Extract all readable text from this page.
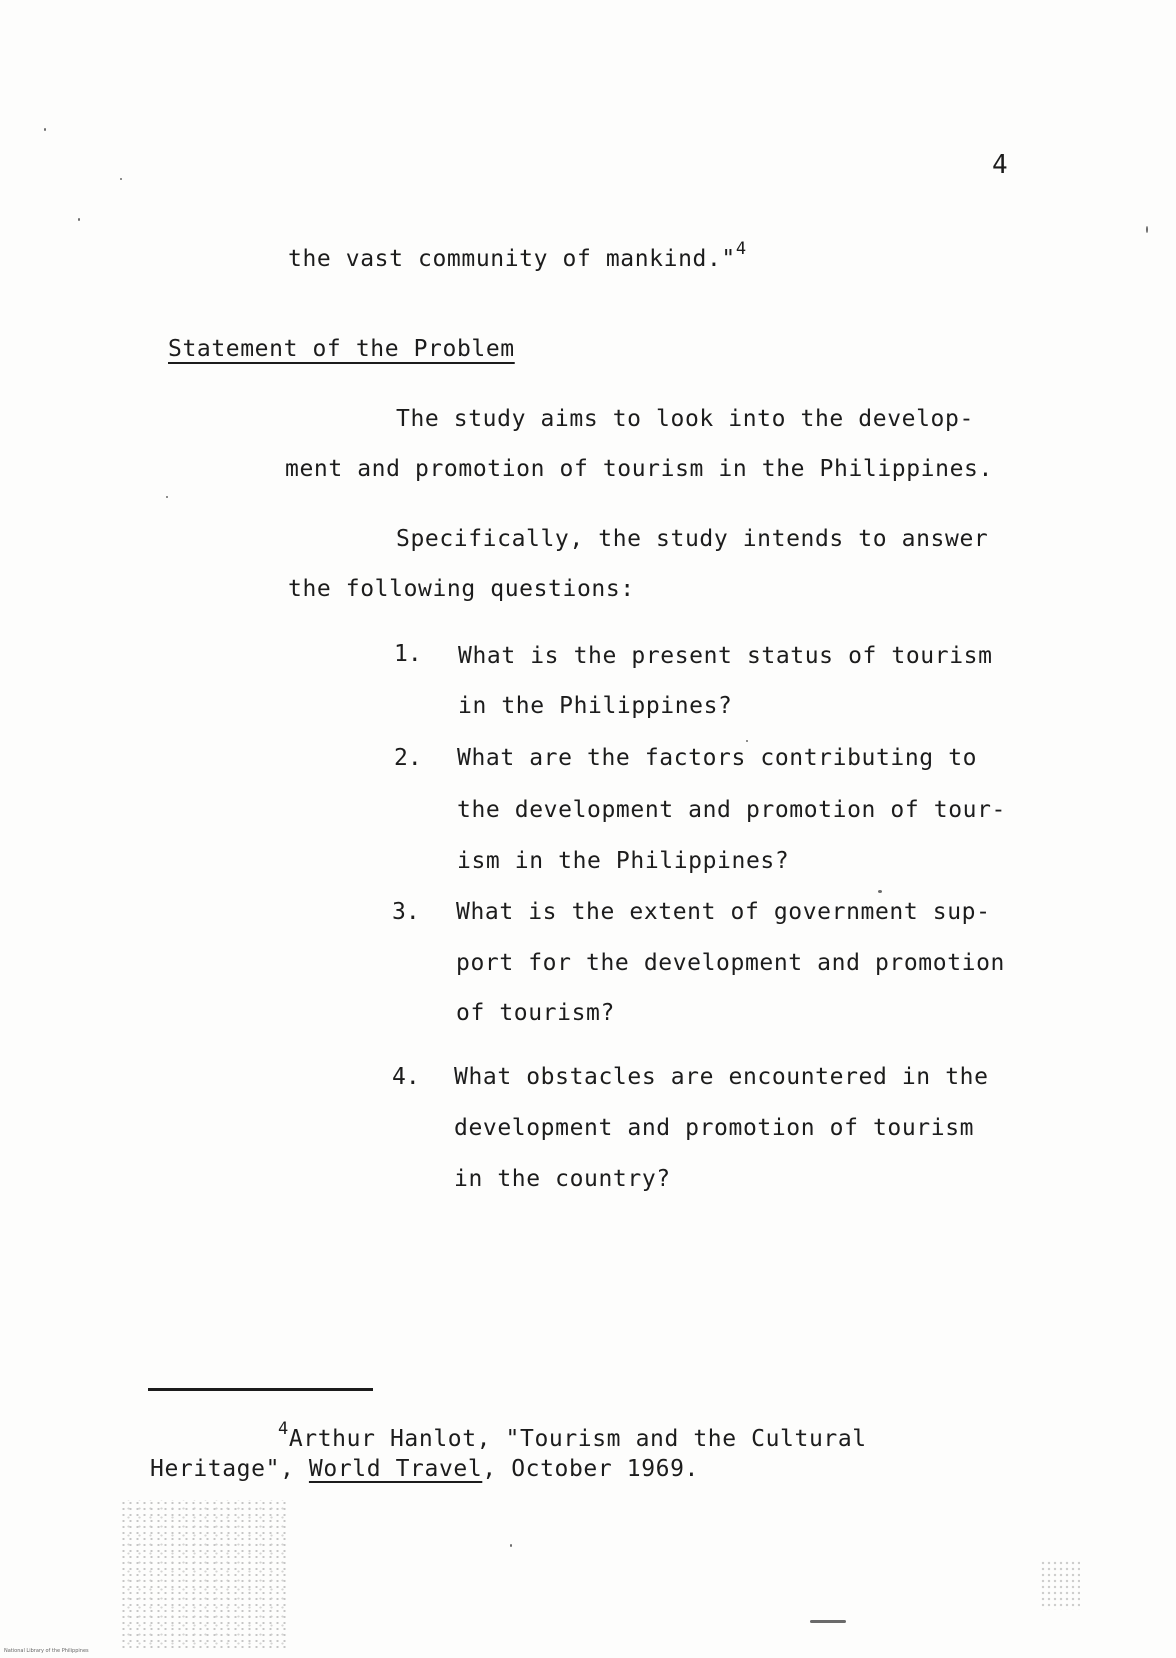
4
the vast community of mankind."$^4$
Statement of the Problem
The study aims to look into the develop-
ment and promotion of tourism in the Philippines.
Specifically, the study intends to answer
the following questions:
1. What is the present status of tourism
in the Philippines?
2. What are the factors contributing to
the development and promotion of tour-
ism in the Philippines?
3. What is the extent of government sup-
port for the development and promotion
of tourism?
4. What obstacles are encountered in the
development and promotion of tourism
in the country?
$^4$Arthur Hanlot, "Tourism and the Cultural
Heritage", World Travel, October 1969.
National Library of the Philippines
